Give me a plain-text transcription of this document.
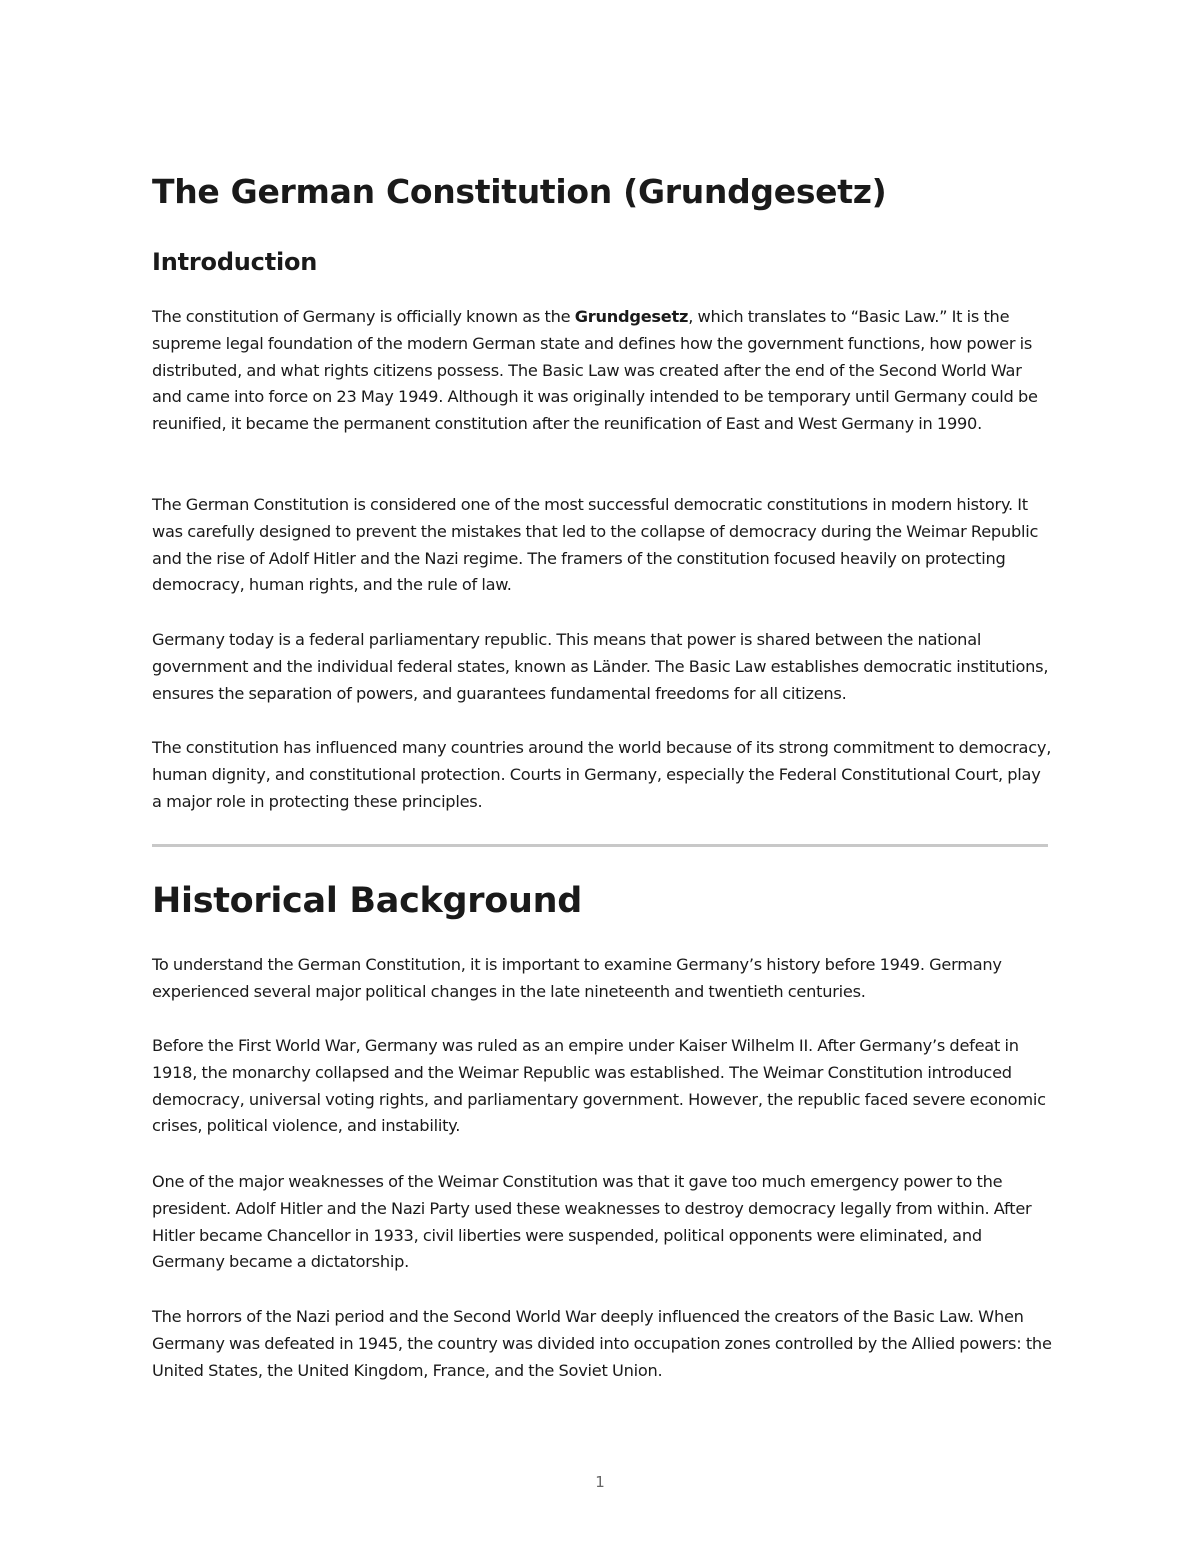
The German Constitution (Grundgesetz)
Introduction

The constitution of Germany is officially known as the Grundgesetz, which translates to “Basic Law.” It is the supreme legal foundation of the modern German state and defines how the government functions, how power is distributed, and what rights citizens possess. The Basic Law was created after the end of the Second World War and came into force on 23 May 1949. Although it was originally intended to be temporary until Germany could be reunified, it became the permanent constitution after the reunification of East and West Germany in 1990.

The German Constitution is considered one of the most successful democratic constitutions in modern history. It was carefully designed to prevent the mistakes that led to the collapse of democracy during the Weimar Republic and the rise of Adolf Hitler and the Nazi regime. The framers of the constitution focused heavily on protecting democracy, human rights, and the rule of law.

Germany today is a federal parliamentary republic. This means that power is shared between the national government and the individual federal states, known as Länder. The Basic Law establishes democratic institutions, ensures the separation of powers, and guarantees fundamental freedoms for all citizens.

The constitution has influenced many countries around the world because of its strong commitment to democracy, human dignity, and constitutional protection. Courts in Germany, especially the Federal Constitutional Court, play a major role in protecting these principles.

Historical Background

To understand the German Constitution, it is important to examine Germany’s history before 1949. Germany experienced several major political changes in the late nineteenth and twentieth centuries.

Before the First World War, Germany was ruled as an empire under Kaiser Wilhelm II. After Germany’s defeat in 1918, the monarchy collapsed and the Weimar Republic was established. The Weimar Constitution introduced democracy, universal voting rights, and parliamentary government. However, the republic faced severe economic crises, political violence, and instability.

One of the major weaknesses of the Weimar Constitution was that it gave too much emergency power to the president. Adolf Hitler and the Nazi Party used these weaknesses to destroy democracy legally from within. After Hitler became Chancellor in 1933, civil liberties were suspended, political opponents were eliminated, and Germany became a dictatorship.

The horrors of the Nazi period and the Second World War deeply influenced the creators of the Basic Law. When Germany was defeated in 1945, the country was divided into occupation zones controlled by the Allied powers: the United States, the United Kingdom, France, and the Soviet Union.

1
